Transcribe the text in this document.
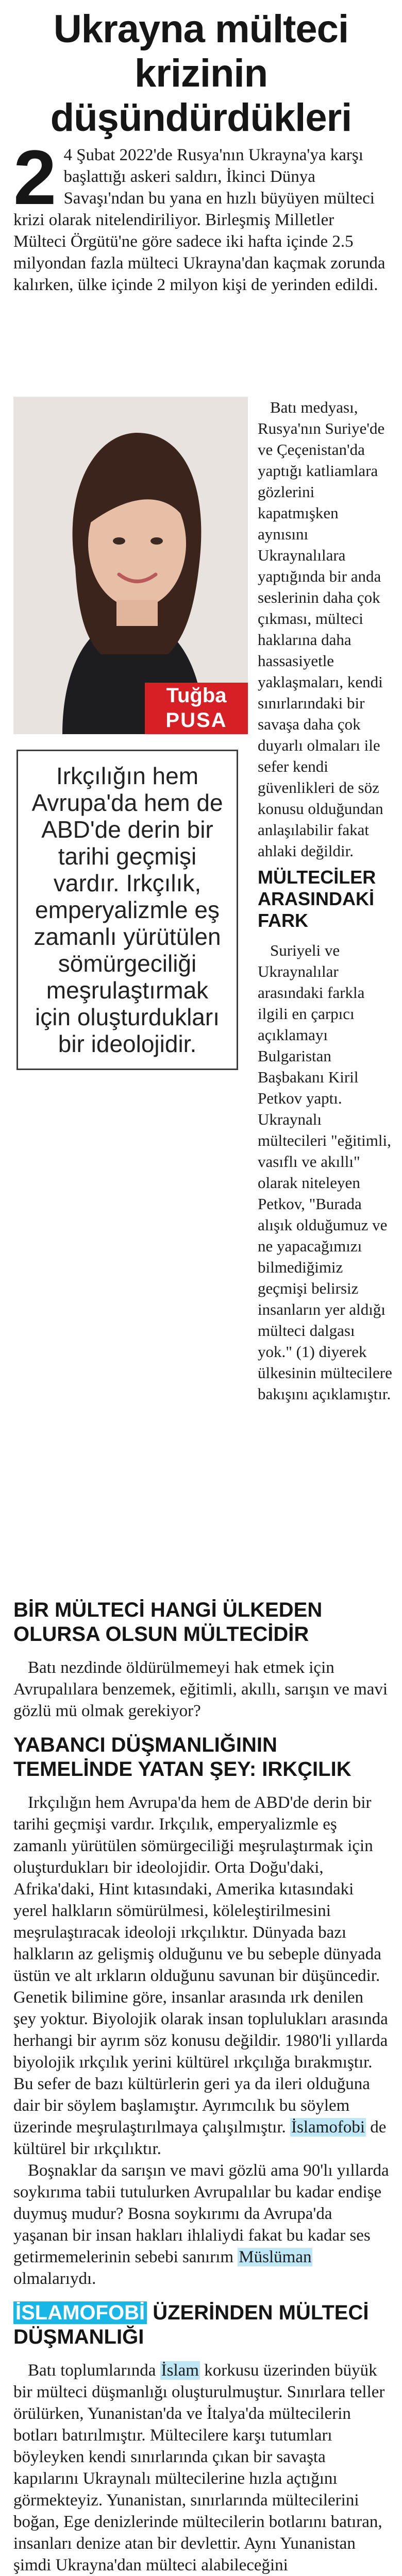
Ukrayna mülteci krizinin düşündürdükleri
2 4 Şubat 2022'de Rusya'nın Ukrayna'ya karşı başlattığı askeri saldırı, İkinci Dünya Savaşı'ndan bu yana en hızlı büyüyen mülteci krizi olarak nitelendiriliyor. Birleşmiş Milletler Mülteci Örgütü'ne göre sadece iki hafta içinde 2.5 milyondan fazla mülteci Ukrayna'dan kaçmak zorunda kalırken, ülke içinde 2 milyon kişi de yerinden edildi.
Tuğba
PUSA
Irkçılığın hem Avrupa'da hem de ABD'de derin bir tarihi geçmişi vardır. Irkçılık, emperyalizmle eş zamanlı yürütülen sömürgeciliği meşrulaştırmak için oluşturdukları bir ideolojidir.

Batı medyası, Rusya'nın Suriye'de ve Çeçenistan'da yaptığı katliamlara gözlerini kapatmışken aynısını Ukraynalılara yaptığında bir anda seslerinin daha çok çıkması, mülteci haklarına daha hassasiyetle yaklaşmaları, kendi sınırlarındaki bir savaşa daha çok duyarlı olmaları ile sefer kendi güvenlikleri de söz konusu olduğundan anlaşılabilir fakat ahlaki değildir.

MÜLTECİLER ARASINDAKİ FARK

Suriyeli ve Ukraynalılar arasındaki farkla ilgili en çarpıcı açıklamayı Bulgaristan Başbakanı Kiril Petkov yaptı. Ukraynalı mültecileri "eğitimli, vasıflı ve akıllı" olarak niteleyen Petkov, "Burada alışık olduğumuz ve ne yapacağımızı bilmediğimiz geçmişi belirsiz insanların yer aldığı mülteci dalgası yok." (1) diyerek ülkesinin mültecilere bakışını açıklamıştır.

BİR MÜLTECİ HANGİ ÜLKEDEN OLURSA OLSUN MÜLTECİDİR

Batı nezdinde öldürülmemeyi hak etmek için Avrupalılara benzemek, eğitimli, akıllı, sarışın ve mavi gözlü mü olmak gerekiyor?

YABANCI DÜŞMANLIĞININ TEMELİNDE YATAN ŞEY: IRKÇILIK

Irkçılığın hem Avrupa'da hem de ABD'de derin bir tarihi geçmişi vardır. Irkçılık, emperyalizmle eş zamanlı yürütülen sömürgeciliği meşrulaştırmak için oluşturdukları bir ideolojidir. Orta Doğu'daki, Afrika'daki, Hint kıtasındaki, Amerika kıtasındaki yerel halkların sömürülmesi, köleleştirilmesini meşrulaştıracak ideoloji ırkçılıktır. Dünyada bazı halkların az gelişmiş olduğunu ve bu sebeple dünyada üstün ve alt ırkların olduğunu savunan bir düşüncedir. Genetik bilimine göre, insanlar arasında ırk denilen şey yoktur. Biyolojik olarak insan toplulukları arasında herhangi bir ayrım söz konusu değildir. 1980'li yıllarda biyolojik ırkçılık yerini kültürel ırkçılığa bırakmıştır. Bu sefer de bazı kültürlerin geri ya da ileri olduğuna dair bir söylem başlamıştır. Ayrımcılık bu söylem üzerinde meşrulaştırılmaya çalışılmıştır. İslamofobi de kültürel bir ırkçılıktır.

Boşnaklar da sarışın ve mavi gözlü ama 90'lı yıllarda soykırıma tabii tutulurken Avrupalılar bu kadar endişe duymuş mudur? Bosna soykırımı da Avrupa'da yaşanan bir insan hakları ihlaliydi fakat bu kadar ses getirmemelerinin sebebi sanırım Müslüman olmalarıydı.

İSLAMOFOBİ ÜZERİNDEN MÜLTECİ DÜŞMANLIĞI

Batı toplumlarında İslam korkusu üzerinden büyük bir mülteci düşmanlığı oluşturulmuştur. Sınırlara teller örülürken, Yunanistan'da ve İtalya'da mültecilerin botları batırılmıştır. Mültecilere karşı tutumları böyleyken kendi sınırlarında çıkan bir savaşta kapılarını Ukraynalı mültecilerine hızla açtığını görmekteyiz. Yunanistan, sınırlarında mültecilerini boğan, Ege denizlerinde mültecilerin botlarını batıran, insanları denize atan bir devlettir. Aynı Yunanistan şimdi Ukrayna'dan mülteci alabileceğini
